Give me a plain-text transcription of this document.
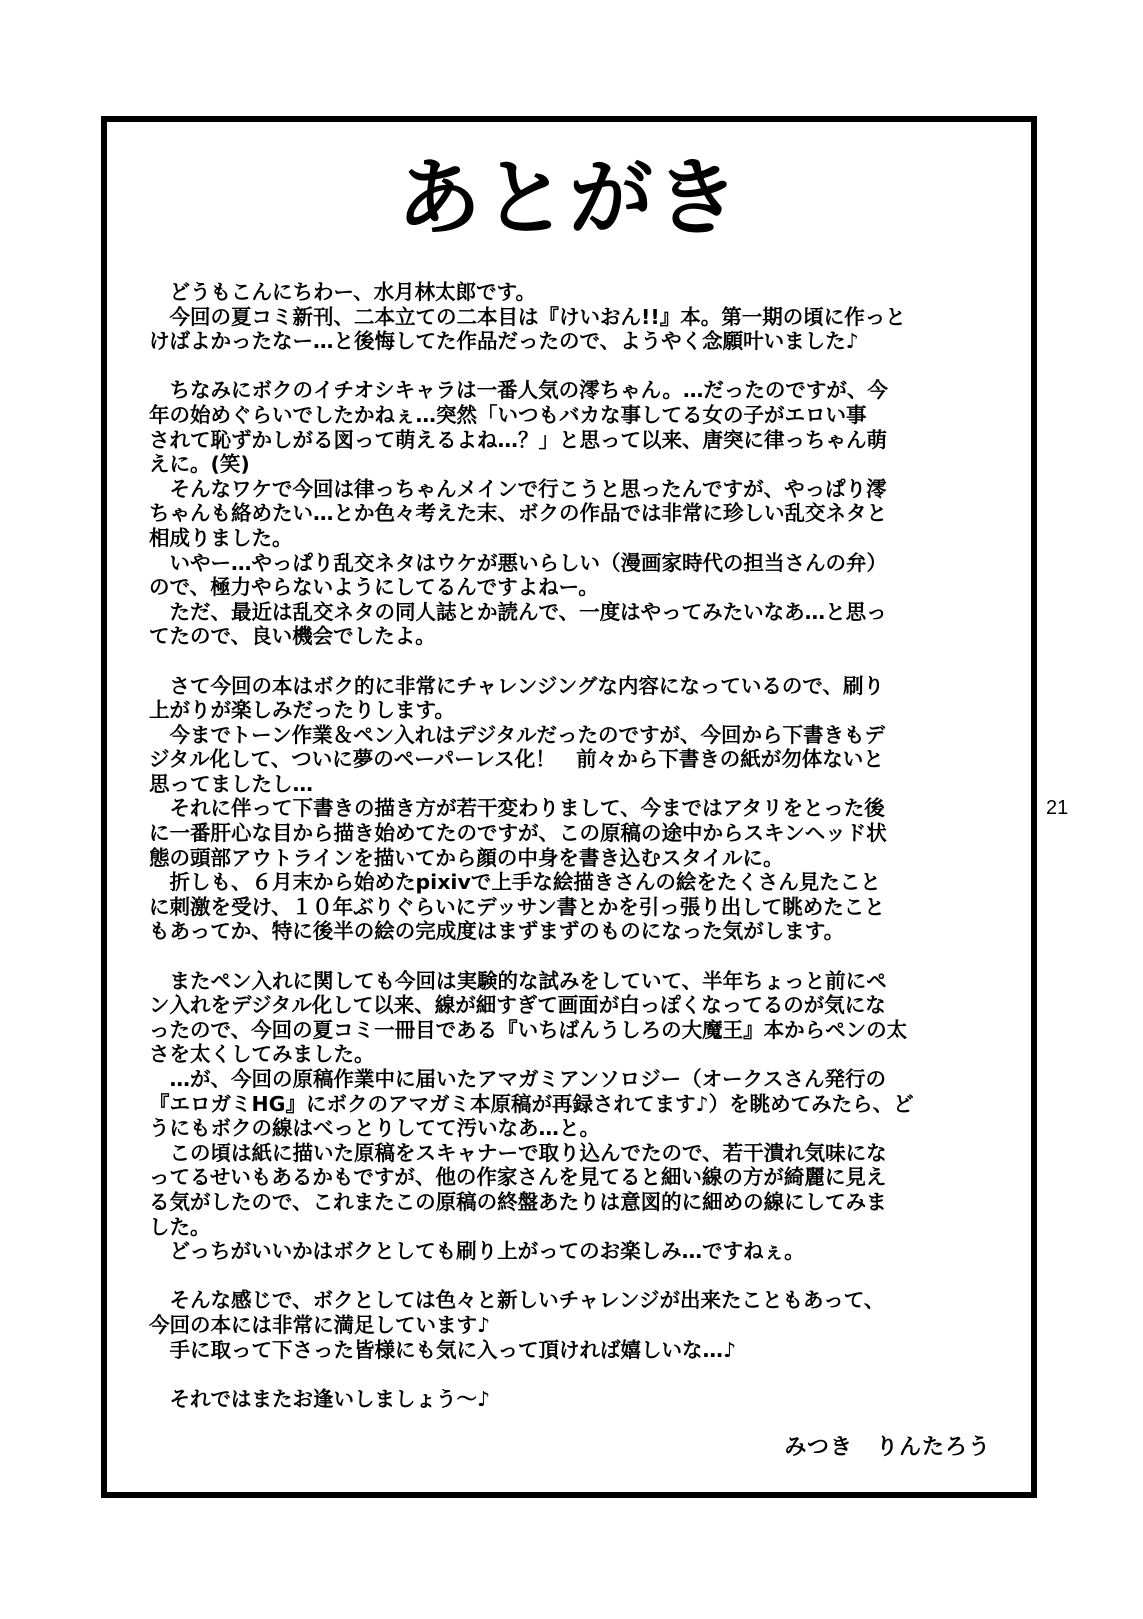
あとがき

　どうもこんにちわー、水月林太郎です。

　今回の夏コミ新刊、二本立ての二本目は『けいおん!!』本。第一期の頃に作っと

けばよかったなー…と後悔してた作品だったので、ようやく念願叶いました♪

　ちなみにボクのイチオシキャラは一番人気の澪ちゃん。…だったのですが、今

年の始めぐらいでしたかねぇ…突然「いつもバカな事してる女の子がエロい事

されて恥ずかしがる図って萌えるよね…？」と思って以来、唐突に律っちゃん萌

えに。(笑)

　そんなワケで今回は律っちゃんメインで行こうと思ったんですが、やっぱり澪

ちゃんも絡めたい…とか色々考えた末、ボクの作品では非常に珍しい乱交ネタと

相成りました。

　いやー…やっぱり乱交ネタはウケが悪いらしい（漫画家時代の担当さんの弁）

ので、極力やらないようにしてるんですよねー。

　ただ、最近は乱交ネタの同人誌とか読んで、一度はやってみたいなあ…と思っ

てたので、良い機会でしたよ。

　さて今回の本はボク的に非常にチャレンジングな内容になっているので、刷り

上がりが楽しみだったりします。

　今までトーン作業＆ペン入れはデジタルだったのですが、今回から下書きもデ

ジタル化して、ついに夢のペーパーレス化！　前々から下書きの紙が勿体ないと

思ってましたし…

　それに伴って下書きの描き方が若干変わりまして、今まではアタリをとった後

に一番肝心な目から描き始めてたのですが、この原稿の途中からスキンヘッド状

態の頭部アウトラインを描いてから顔の中身を書き込むスタイルに。

　折しも、６月末から始めたpixivで上手な絵描きさんの絵をたくさん見たこと

に刺激を受け、１０年ぶりぐらいにデッサン書とかを引っ張り出して眺めたこと

もあってか、特に後半の絵の完成度はまずまずのものになった気がします。

　またペン入れに関しても今回は実験的な試みをしていて、半年ちょっと前にペ

ン入れをデジタル化して以来、線が細すぎて画面が白っぽくなってるのが気にな

ったので、今回の夏コミ一冊目である『いちばんうしろの大魔王』本からペンの太

さを太くしてみました。

　…が、今回の原稿作業中に届いたアマガミアンソロジー（オークスさん発行の

『エロガミHG』にボクのアマガミ本原稿が再録されてます♪）を眺めてみたら、ど

うにもボクの線はべっとりしてて汚いなあ…と。

　この頃は紙に描いた原稿をスキャナーで取り込んでたので、若干潰れ気味にな

ってるせいもあるかもですが、他の作家さんを見てると細い線の方が綺麗に見え

る気がしたので、これまたこの原稿の終盤あたりは意図的に細めの線にしてみま

した。

　どっちがいいかはボクとしても刷り上がってのお楽しみ…ですねぇ。

　そんな感じで、ボクとしては色々と新しいチャレンジが出来たこともあって、

今回の本には非常に満足しています♪

　手に取って下さった皆様にも気に入って頂ければ嬉しいな…♪

　それではまたお逢いしましょう〜♪

みつき　りんたろう
21
